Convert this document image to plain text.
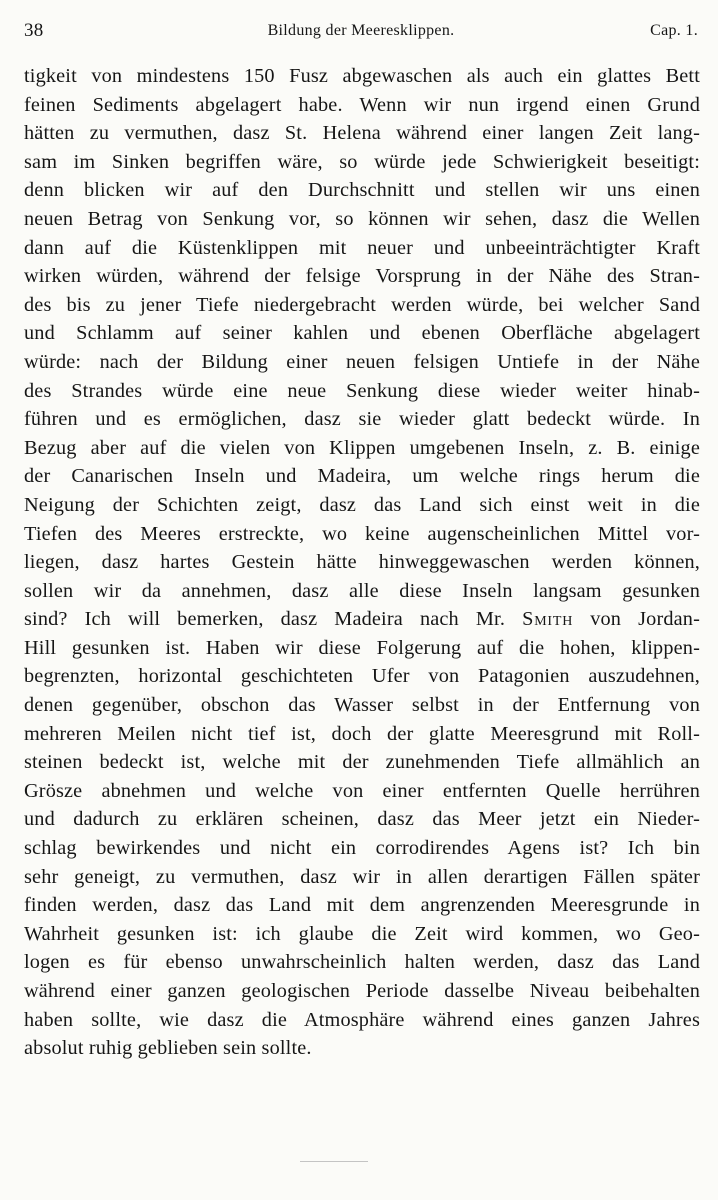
38	Bildung der Meeresklippen.	Cap. 1.
tigkeit von mindestens 150 Fusz abgewaschen als auch ein glattes Bett
feinen Sediments abgelagert habe. Wenn wir nun irgend einen Grund
hätten zu vermuthen, dasz St. Helena während einer langen Zeit lang-
sam im Sinken begriffen wäre, so würde jede Schwierigkeit beseitigt:
denn blicken wir auf den Durchschnitt und stellen wir uns einen
neuen Betrag von Senkung vor, so können wir sehen, dasz die Wellen
dann auf die Küstenklippen mit neuer und unbeeinträchtigter Kraft
wirken würden, während der felsige Vorsprung in der Nähe des Stran-
des bis zu jener Tiefe niedergebracht werden würde, bei welcher Sand
und Schlamm auf seiner kahlen und ebenen Oberfläche abgelagert
würde: nach der Bildung einer neuen felsigen Untiefe in der Nähe
des Strandes würde eine neue Senkung diese wieder weiter hinab-
führen und es ermöglichen, dasz sie wieder glatt bedeckt würde. In
Bezug aber auf die vielen von Klippen umgebenen Inseln, z. B. einige
der Canarischen Inseln und Madeira, um welche rings herum die
Neigung der Schichten zeigt, dasz das Land sich einst weit in die
Tiefen des Meeres erstreckte, wo keine augenscheinlichen Mittel vor-
liegen, dasz hartes Gestein hätte hinweggewaschen werden können,
sollen wir da annehmen, dasz alle diese Inseln langsam gesunken
sind? Ich will bemerken, dasz Madeira nach Mr. Smith von Jordan-
Hill gesunken ist. Haben wir diese Folgerung auf die hohen, klippen-
begrenzten, horizontal geschichteten Ufer von Patagonien auszudehnen,
denen gegenüber, obschon das Wasser selbst in der Entfernung von
mehreren Meilen nicht tief ist, doch der glatte Meeresgrund mit Roll-
steinen bedeckt ist, welche mit der zunehmenden Tiefe allmählich an
Grösze abnehmen und welche von einer entfernten Quelle herrühren
und dadurch zu erklären scheinen, dasz das Meer jetzt ein Nieder-
schlag bewirkendes und nicht ein corrodirendes Agens ist? Ich bin
sehr geneigt, zu vermuthen, dasz wir in allen derartigen Fällen später
finden werden, dasz das Land mit dem angrenzenden Meeresgrunde in
Wahrheit gesunken ist: ich glaube die Zeit wird kommen, wo Geo-
logen es für ebenso unwahrscheinlich halten werden, dasz das Land
während einer ganzen geologischen Periode dasselbe Niveau beibehalten
haben sollte, wie dasz die Atmosphäre während eines ganzen Jahres
absolut ruhig geblieben sein sollte.
